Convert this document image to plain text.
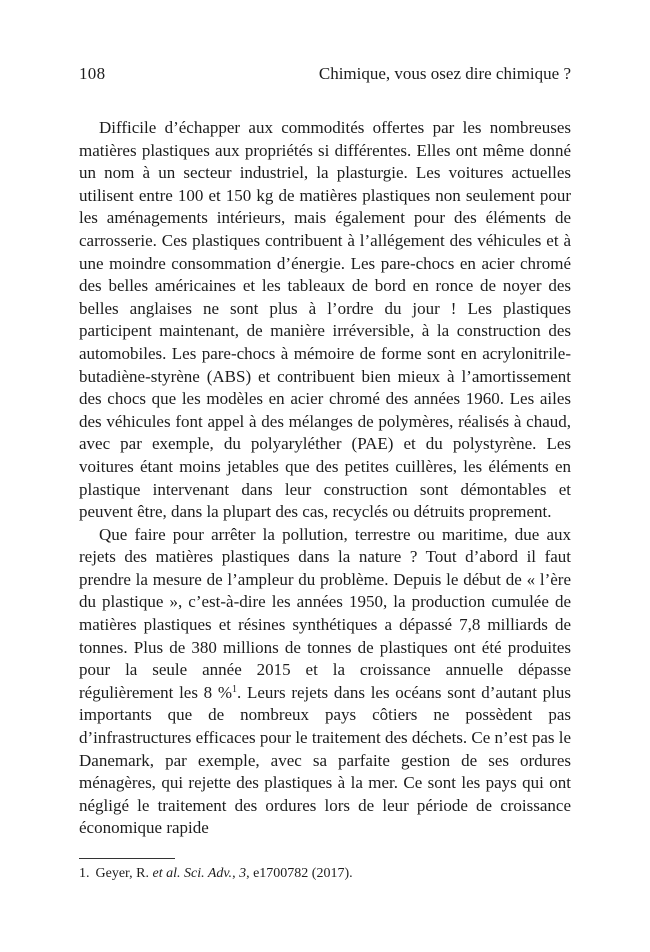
108	Chimique, vous osez dire chimique ?

Difficile d’échapper aux commodités offertes par les nombreuses matières plastiques aux propriétés si différentes. Elles ont même donné un nom à un secteur industriel, la plasturgie. Les voitures actuelles utilisent entre 100 et 150 kg de matières plastiques non seulement pour les aménagements intérieurs, mais également pour des éléments de carrosserie. Ces plastiques contribuent à l’allégement des véhicules et à une moindre consommation d’énergie. Les pare-chocs en acier chromé des belles américaines et les tableaux de bord en ronce de noyer des belles anglaises ne sont plus à l’ordre du jour ! Les plastiques participent maintenant, de manière irréversible, à la construction des automobiles. Les pare-chocs à mémoire de forme sont en acrylonitrile-butadiène-styrène (ABS) et contribuent bien mieux à l’amortissement des chocs que les modèles en acier chromé des années 1960. Les ailes des véhicules font appel à des mélanges de polymères, réalisés à chaud, avec par exemple, du polyaryléther (PAE) et du polystyrène. Les voitures étant moins jetables que des petites cuillères, les éléments en plastique intervenant dans leur construction sont démontables et peuvent être, dans la plupart des cas, recyclés ou détruits proprement.

Que faire pour arrêter la pollution, terrestre ou maritime, due aux rejets des matières plastiques dans la nature ? Tout d’abord il faut prendre la mesure de l’ampleur du problème. Depuis le début de « l’ère du plastique », c’est-à-dire les années 1950, la production cumulée de matières plastiques et résines synthétiques a dépassé 7,8 milliards de tonnes. Plus de 380 millions de tonnes de plastiques ont été produites pour la seule année 2015 et la croissance annuelle dépasse régulièrement les 8 %$^1$. Leurs rejets dans les océans sont d’autant plus importants que de nombreux pays côtiers ne possèdent pas d’infrastructures efficaces pour le traitement des déchets. Ce n’est pas le Danemark, par exemple, avec sa parfaite gestion de ses ordures ménagères, qui rejette des plastiques à la mer. Ce sont les pays qui ont négligé le traitement des ordures lors de leur période de croissance économique rapide

1. Geyer, R. et al. Sci. Adv., 3, e1700782 (2017).
